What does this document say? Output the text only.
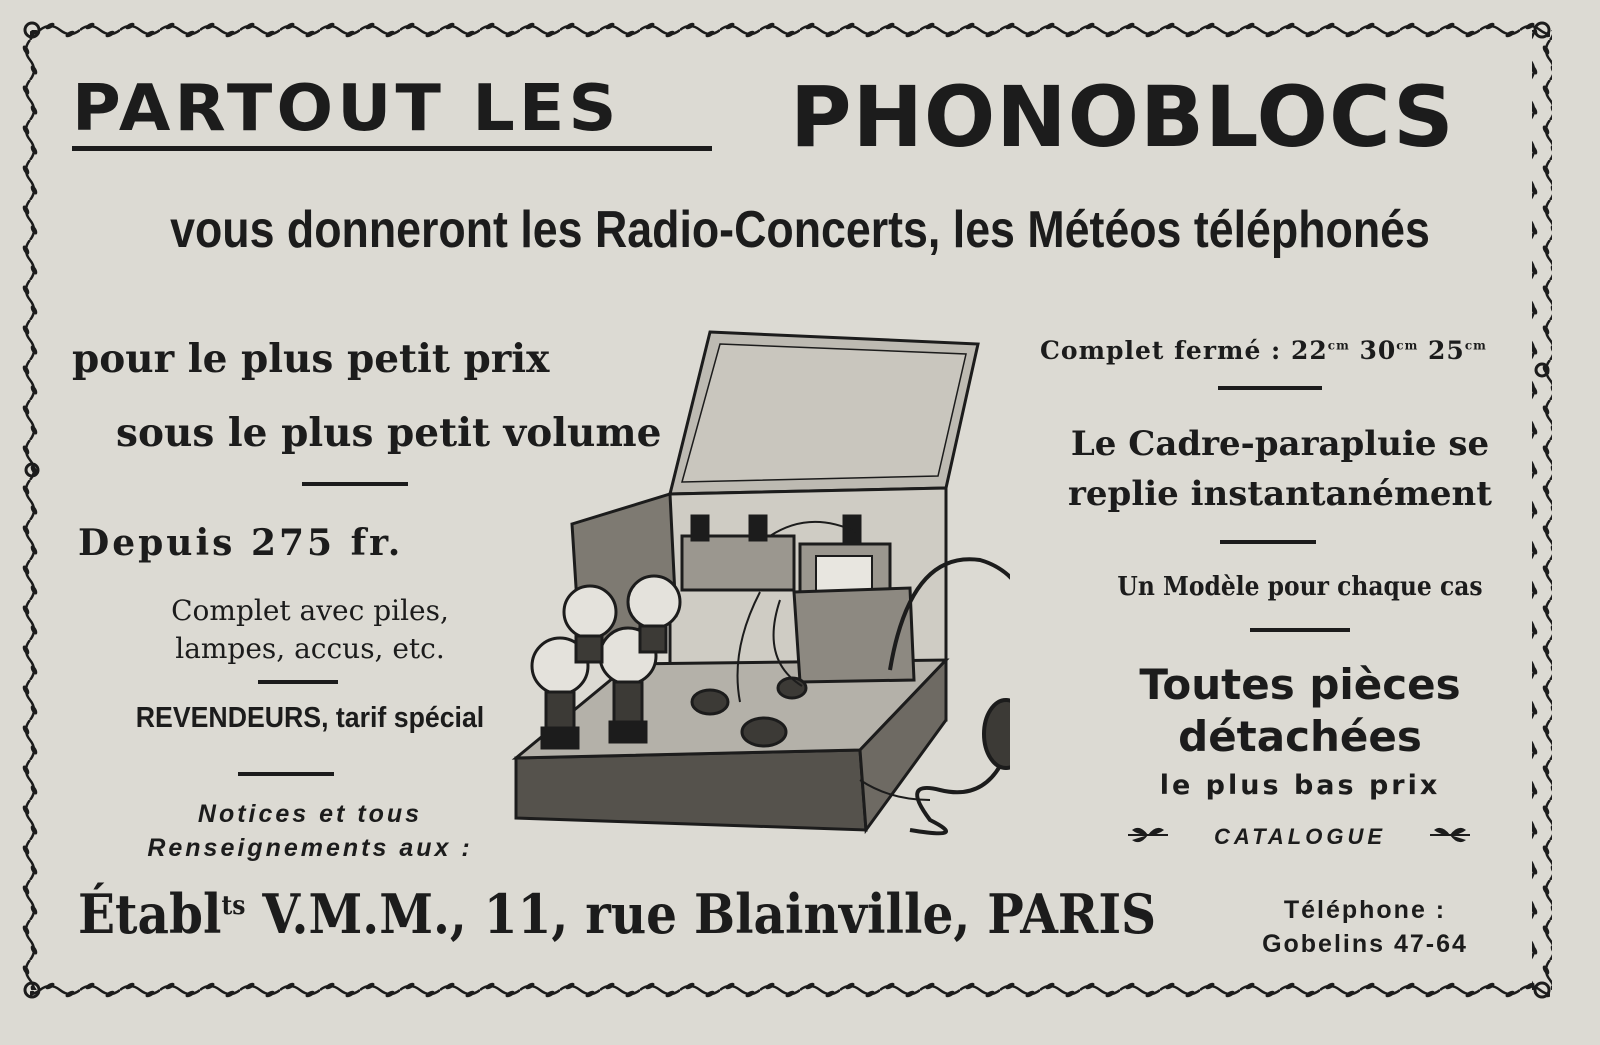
PARTOUT LES PHONOBLOCS
vous donneront les Radio-Concerts, les Météos téléphonés
pour le plus petit prix
sous le plus petit volume
Depuis 275 fr.
Complet avec piles,
lampes, accus, etc.
REVENDEURS, tarif spécial
Notices et tous
Renseignements aux :
Complet fermé : $22^{cm}$ $30^{cm}$ $25^{cm}$
Le Cadre-parapluie se
replie instantanément
Un Modèle pour chaque cas
Toutes pièces
détachées
le plus bas prix
CATALOGUE
Établ$^{ts}$ V.M.M., 11, rue Blainville, PARIS	Téléphone :
Gobelins 47-64
